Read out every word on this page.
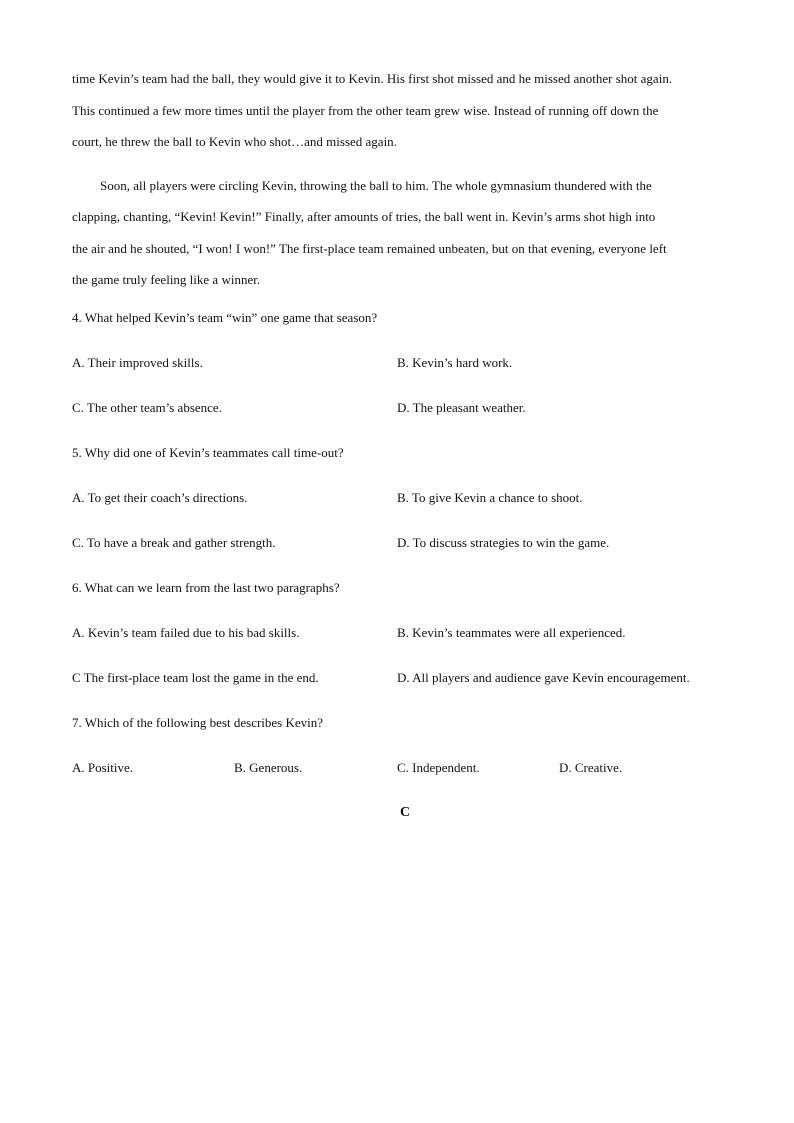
time Kevin’s team had the ball, they would give it to Kevin. His first shot missed and he missed another shot again.

This continued a few more times until the player from the other team grew wise. Instead of running off down the

court, he threw the ball to Kevin who shot…and missed again.

Soon, all players were circling Kevin, throwing the ball to him. The whole gymnasium thundered with the

clapping, chanting, “Kevin! Kevin!” Finally, after amounts of tries, the ball went in. Kevin’s arms shot high into

the air and he shouted, “I won! I won!” The first-place team remained unbeaten, but on that evening, everyone left

the game truly feeling like a winner.

4. What helped Kevin’s team “win” one game that season?

A. Their improved skills.	B. Kevin’s hard work.
C. The other team’s absence.	D. The pleasant weather.

5. Why did one of Kevin’s teammates call time-out?

A. To get their coach’s directions.	B. To give Kevin a chance to shoot.
C. To have a break and gather strength.	D. To discuss strategies to win the game.

6. What can we learn from the last two paragraphs?

A. Kevin’s team failed due to his bad skills.	B. Kevin’s teammates were all experienced.
C The first-place team lost the game in the end.	D. All players and audience gave Kevin encouragement.

7. Which of the following best describes Kevin?

A. Positive.	B. Generous.	C. Independent.	D. Creative.
C
